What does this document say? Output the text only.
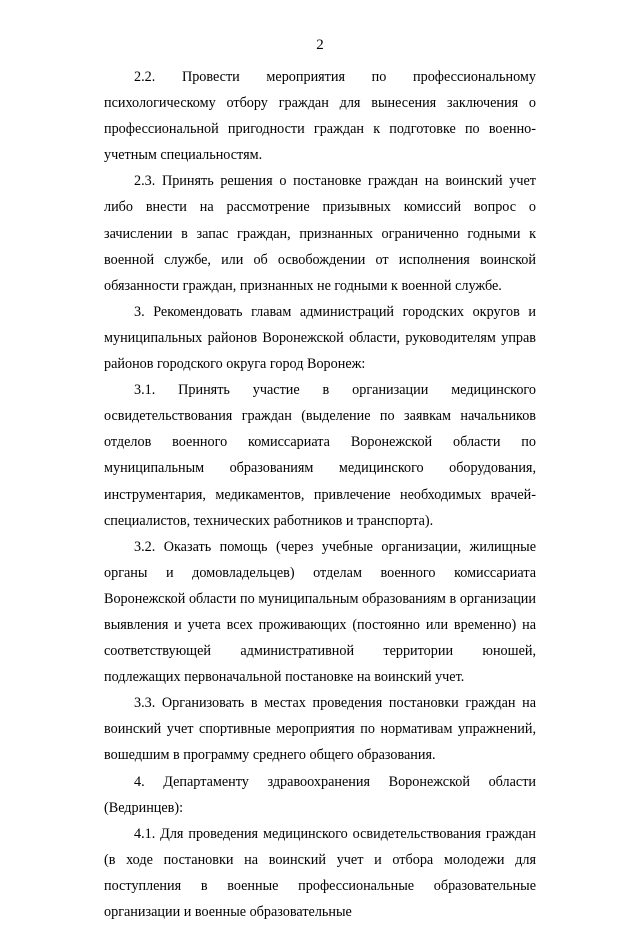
2

2.2. Провести мероприятия по профессиональному психологическому отбору граждан для вынесения заключения о профессиональной пригодности граждан к подготовке по военно-учетным специальностям.

2.3. Принять решения о постановке граждан на воинский учет либо внести на рассмотрение призывных комиссий вопрос о зачислении в запас граждан, признанных ограниченно годными к военной службе, или об освобождении от исполнения воинской обязанности граждан, признанных не годными к военной службе.

3. Рекомендовать главам администраций городских округов и муниципальных районов Воронежской области, руководителям управ районов городского округа город Воронеж:

3.1. Принять участие в организации медицинского освидетельствования граждан (выделение по заявкам начальников отделов военного комиссариата Воронежской области по муниципальным образованиям медицинского оборудования, инструментария, медикаментов, привлечение необходимых врачей-специалистов, технических работников и транспорта).

3.2. Оказать помощь (через учебные организации, жилищные органы и домовладельцев) отделам военного комиссариата Воронежской области по муниципальным образованиям в организации выявления и учета всех проживающих (постоянно или временно) на соответствующей административной территории юношей, подлежащих первоначальной постановке на воинский учет.

3.3. Организовать в местах проведения постановки граждан на воинский учет спортивные мероприятия по нормативам упражнений, вошедшим в программу среднего общего образования.

4. Департаменту здравоохранения Воронежской области (Ведринцев):

4.1. Для проведения медицинского освидетельствования граждан (в ходе постановки на воинский учет и отбора молодежи для поступления в военные профессиональные образовательные организации и военные образовательные
